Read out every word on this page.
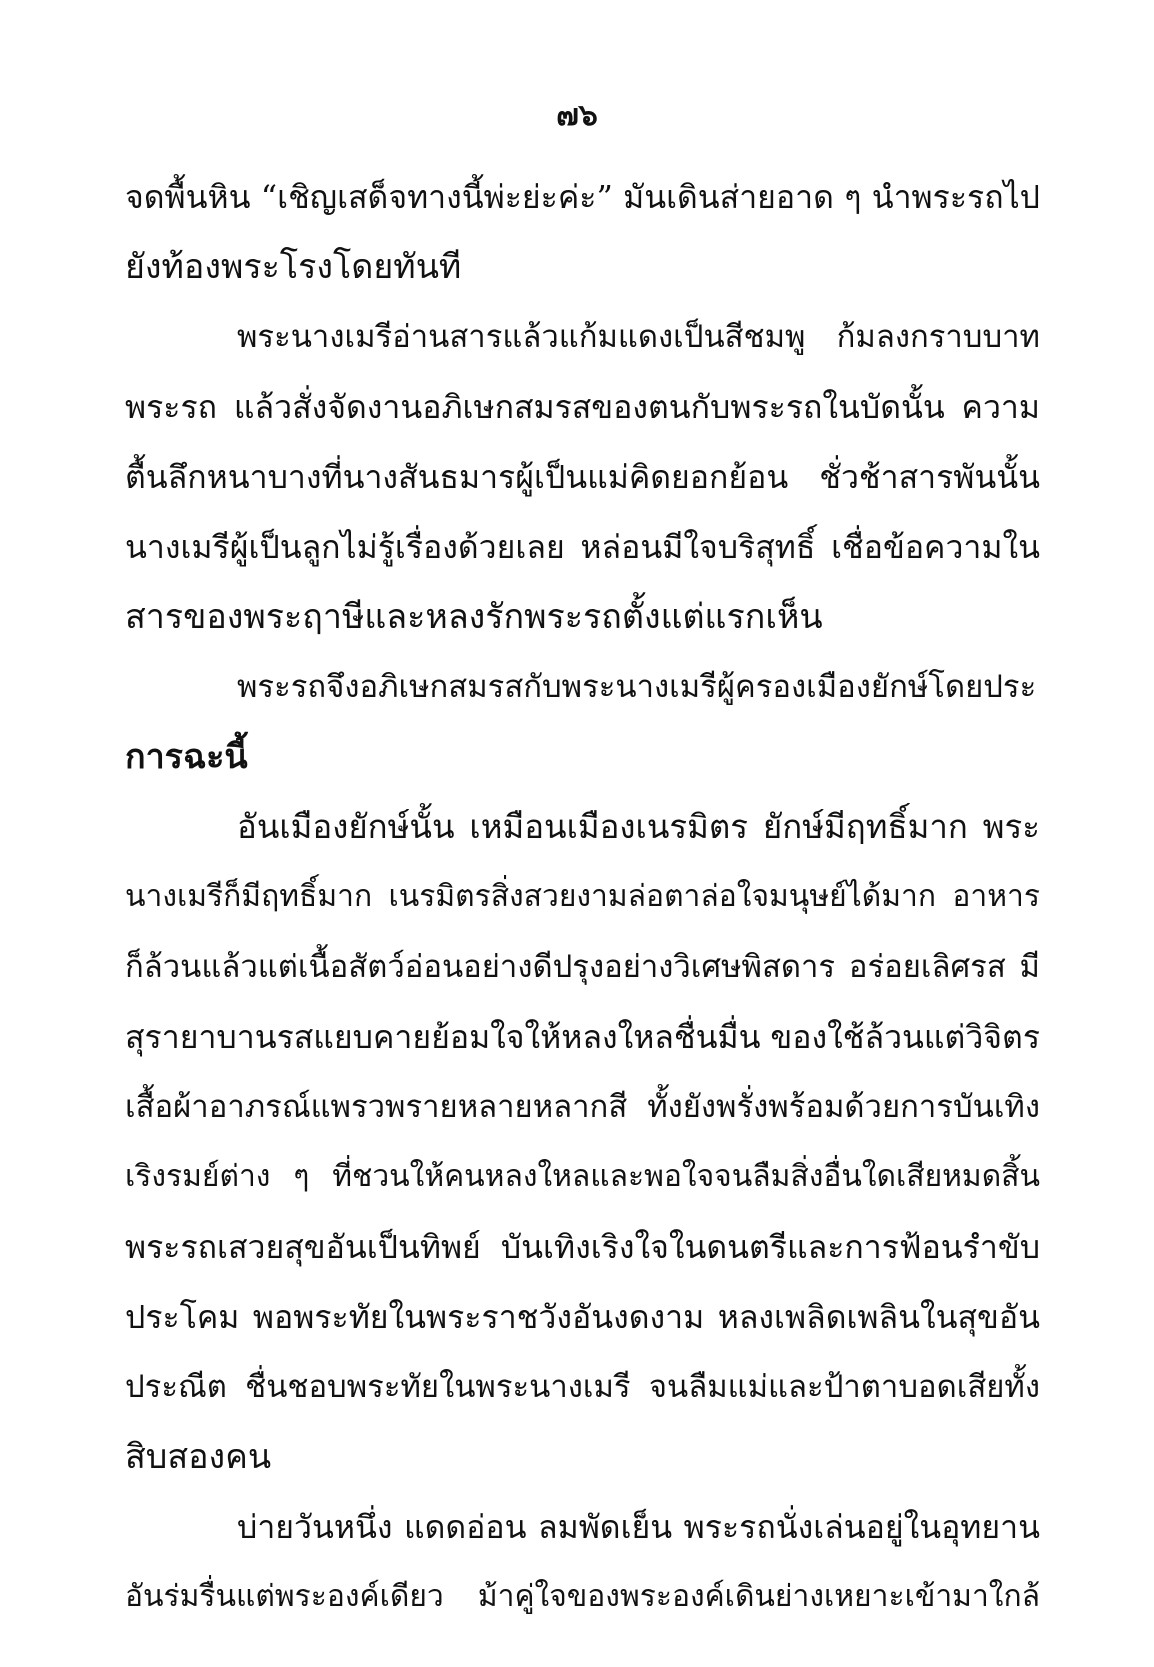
๗๖
จดพื้นหิน “เชิญเสด็จทางนี้พ่ะย่ะค่ะ” มันเดินส่ายอาด ๆ นำพระรถไป
ยังท้องพระโรงโดยทันที
พระนางเมรีอ่านสารแล้วแก้มแดงเป็นสีชมพู ก้มลงกราบบาท
พระรถ แล้วสั่งจัดงานอภิเษกสมรสของตนกับพระรถในบัดนั้น ความ
ตื้นลึกหนาบางที่นางสันธมารผู้เป็นแม่คิดยอกย้อน ชั่วช้าสารพันนั้น
นางเมรีผู้เป็นลูกไม่รู้เรื่องด้วยเลย หล่อนมีใจบริสุทธิ์ เชื่อข้อความใน
สารของพระฤาษีและหลงรักพระรถตั้งแต่แรกเห็น
พระรถจึงอภิเษกสมรสกับพระนางเมรีผู้ครองเมืองยักษ์โดยประ
การฉะนี้
อันเมืองยักษ์นั้น เหมือนเมืองเนรมิตร ยักษ์มีฤทธิ์มาก พระ
นางเมรีก็มีฤทธิ์มาก เนรมิตรสิ่งสวยงามล่อตาล่อใจมนุษย์ได้มาก อาหาร
ก็ล้วนแล้วแต่เนื้อสัตว์อ่อนอย่างดีปรุงอย่างวิเศษพิสดาร อร่อยเลิศรส มี
สุรายาบานรสแยบคายย้อมใจให้หลงใหลชื่นมื่น ของใช้ล้วนแต่วิจิตร
เสื้อผ้าอาภรณ์แพรวพรายหลายหลากสี ทั้งยังพรั่งพร้อมด้วยการบันเทิง
เริงรมย์ต่าง ๆ ที่ชวนให้คนหลงใหลและพอใจจนลืมสิ่งอื่นใดเสียหมดสิ้น
พระรถเสวยสุขอันเป็นทิพย์ บันเทิงเริงใจในดนตรีและการฟ้อนรำขับ
ประโคม พอพระทัยในพระราชวังอันงดงาม หลงเพลิดเพลินในสุขอัน
ประณีต ชื่นชอบพระทัยในพระนางเมรี จนลืมแม่และป้าตาบอดเสียทั้ง
สิบสองคน
บ่ายวันหนึ่ง แดดอ่อน ลมพัดเย็น พระรถนั่งเล่นอยู่ในอุทยาน
อันร่มรื่นแต่พระองค์เดียว ม้าคู่ใจของพระองค์เดินย่างเหยาะเข้ามาใกล้
